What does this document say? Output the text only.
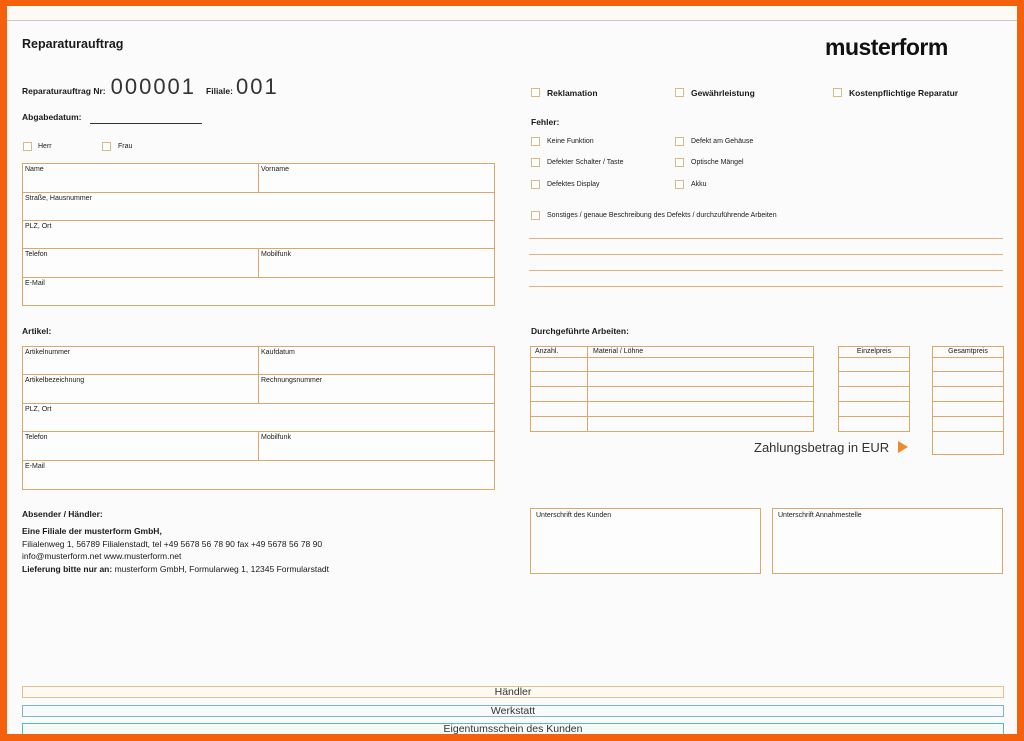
Reparaturauftrag	musterform
Reparaturauftrag Nr: 000001 Filiale: 001
Abgabedatum:
Herr	Frau
Name	Vorname
Straße, Hausnummer
PLZ, Ort
Telefon	Mobilfunk
E-Mail
Reklamation	Gewährleistung	Kostenpflichtige Reparatur
Fehler:
Keine Funktion	Defekt am Gehäuse
Defekter Schalter / Taste	Optische Mängel
Defektes Display	Akku
Sonstiges / genaue Beschreibung des Defekts / durchzuführende Arbeiten
Artikel:
Artikelnummer	Kaufdatum
Artikelbezeichnung	Rechnungsnummer
PLZ, Ort
Telefon	Mobilfunk
E-Mail
Durchgeführte Arbeiten:
Anzahl.	Material / Löhne	Einzelpreis	Gesamtpreis
Zahlungsbetrag in EUR
Absender / Händler:
Eine Filiale der musterform GmbH,
Filialenweg 1, 56789 Filialenstadt, tel +49 5678 56 78 90 fax +49 5678 56 78 90
info@musterform.net www.musterform.net
Lieferung bitte nur an: musterform GmbH, Formularweg 1, 12345 Formularstadt
Unterschrift des Kunden	Unterschrift Annahmestelle
Händler
Werkstatt
Eigentumsschein des Kunden
